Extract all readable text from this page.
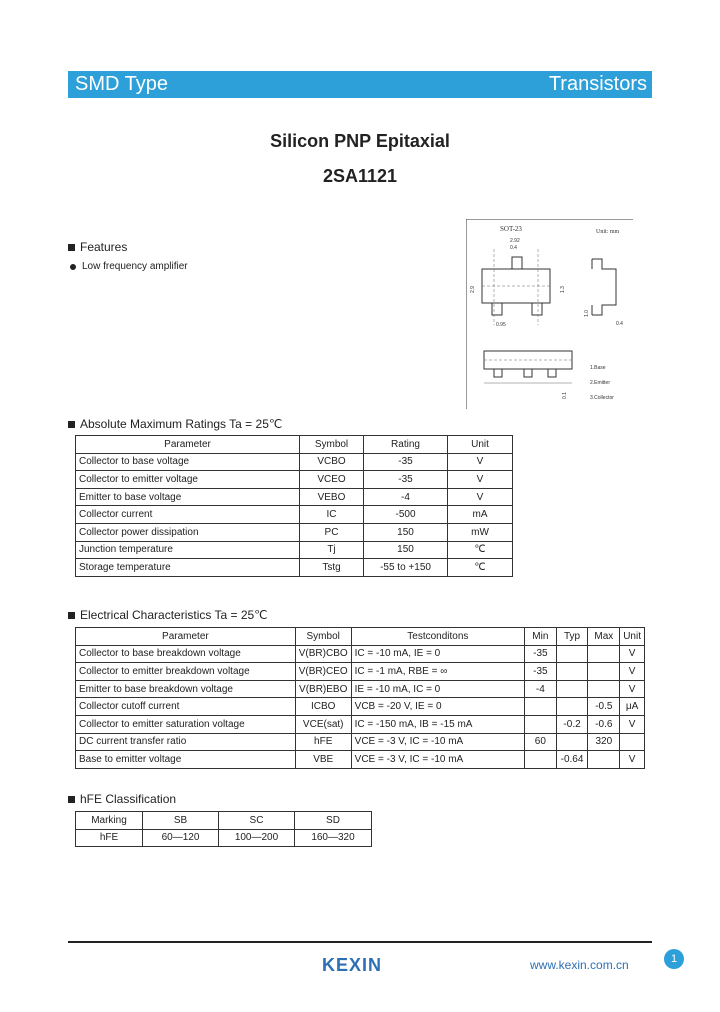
SMD Type	Transistors
Silicon PNP Epitaxial
2SA1121
SOT-23	Unit: mm
2.92
0.4
2.9	1.3
0.95	0.4
1.0
0.1
1.Base
2.Emitter
3.Collector
Features
Low frequency amplifier
Absolute Maximum Ratings Ta = 25℃
Parameter	Symbol	Rating	Unit
Collector to base voltage	VCBO	-35	V
Collector to emitter voltage	VCEO	-35	V
Emitter to base voltage	VEBO	-4	V
Collector current	IC	-500	mA
Collector power dissipation	PC	150	mW
Junction temperature	Tj	150	℃
Storage temperature	Tstg	-55 to +150	℃
Electrical Characteristics Ta = 25℃
Parameter	Symbol	Testconditons	Min	Typ	Max	Unit
Collector to base breakdown voltage	V(BR)CBO	IC = -10 mA, IE = 0	-35			V
Collector to emitter breakdown voltage	V(BR)CEO	IC = -1 mA, RBE = ∞	-35			V
Emitter to base breakdown voltage	V(BR)EBO	IE = -10 mA, IC = 0	-4			V
Collector cutoff current	ICBO	VCB = -20 V, IE = 0			-0.5	μA
Collector to emitter saturation voltage	VCE(sat)	IC = -150 mA, IB = -15 mA		-0.2	-0.6	V
DC current transfer ratio	hFE	VCE = -3 V, IC = -10 mA	60		320	
Base to emitter voltage	VBE	VCE = -3 V, IC = -10 mA		-0.64		V
hFE Classification
Marking	SB	SC	SD
hFE	60—120	100—200	160—320
KEXIN	www.kexin.com.cn	1
